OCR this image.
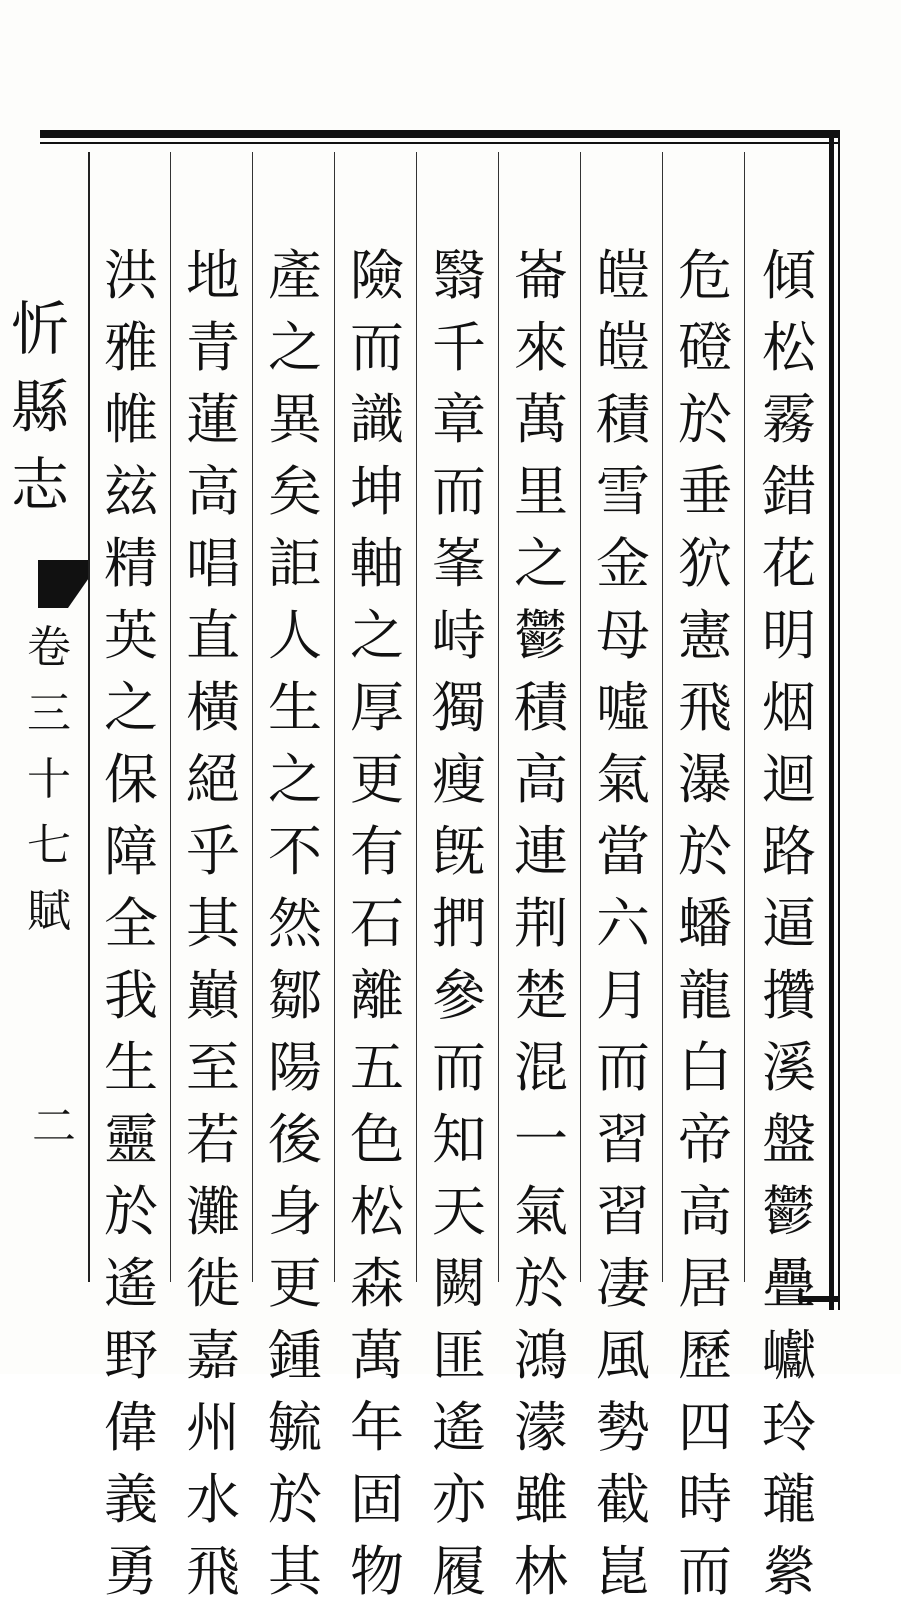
忻
縣
志
卷
三
十
七
賦
二
傾
松
霧
錯
花
明
烟
迴
路
逼
攢
溪
盤
鬱
疊
巘
玲
瓏
縈
危
磴
於
垂
狖
憲
飛
瀑
於
蟠
龍
白
帝
高
居
歷
四
時
而
皚
皚
積
雪
金
母
噓
氣
當
六
月
而
習
習
凄
風
勢
截
崑
崙
來
萬
里
之
鬱
積
高
連
荆
楚
混
一
氣
於
鴻
濛
雖
林
翳
千
章
而
峯
峙
獨
瘦
旣
捫
參
而
知
天
闕
匪
遙
亦
履
險
而
識
坤
軸
之
厚
更
有
石
離
五
色
松
森
萬
年
固
物
產
之
異
矣
詎
人
生
之
不
然
鄒
陽
後
身
更
鍾
毓
於
其
地
青
蓮
高
唱
直
橫
絕
乎
其
巔
至
若
灘
徙
嘉
州
水
飛
洪
雅
帷
玆
精
英
之
保
障
全
我
生
靈
於
遙
野
偉
義
勇
